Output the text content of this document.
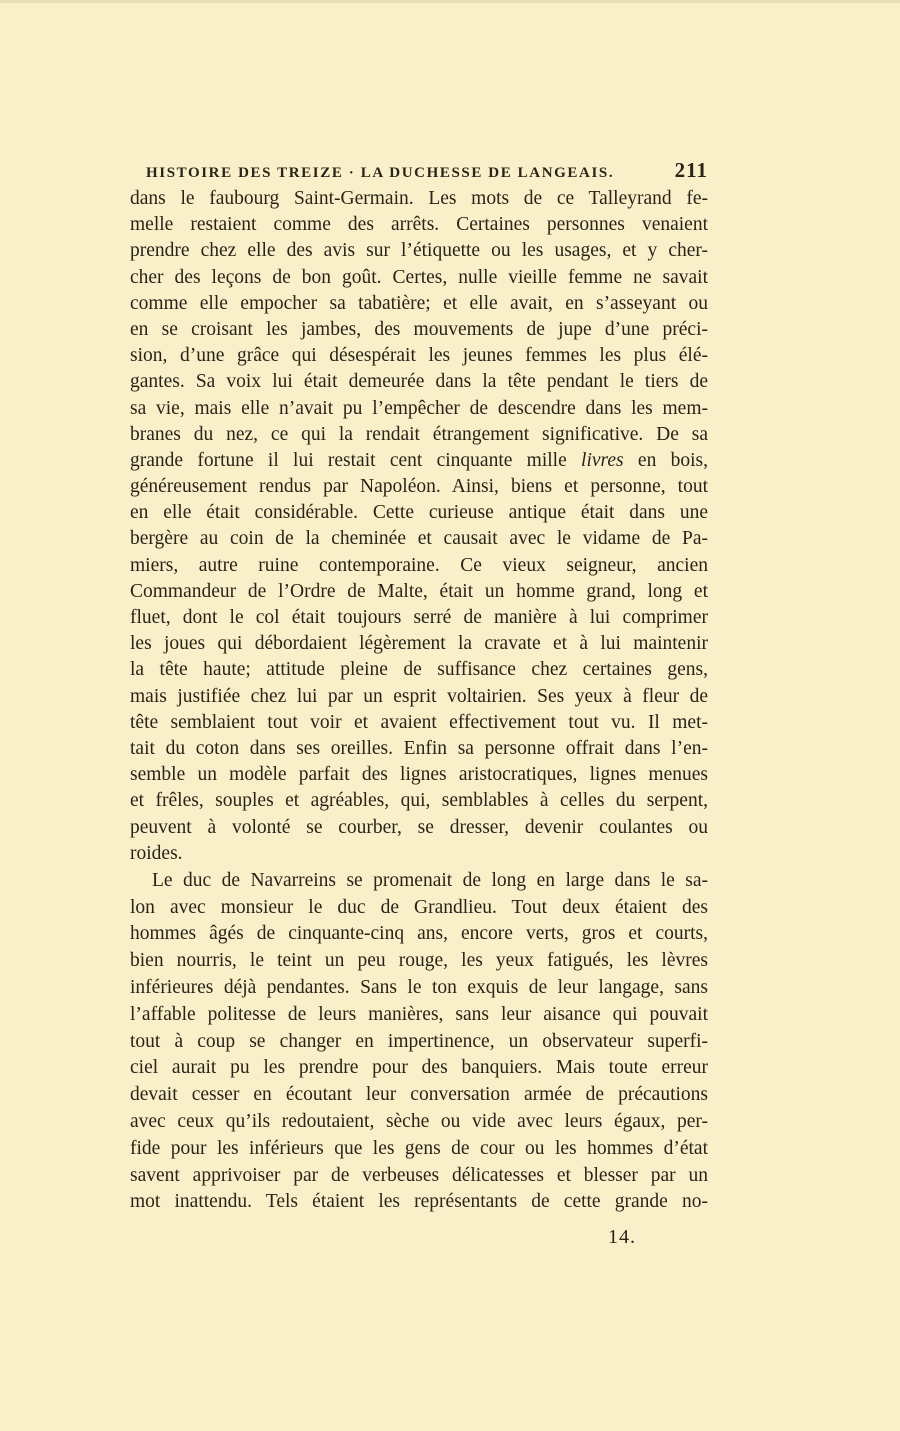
HISTOIRE DES TREIZE · LA DUCHESSE DE LANGEAIS.	211
dans le faubourg Saint-Germain. Les mots de ce Talleyrand fe-
melle restaient comme des arrêts. Certaines personnes venaient
prendre chez elle des avis sur l’étiquette ou les usages, et y cher-
cher des leçons de bon goût. Certes, nulle vieille femme ne savait
comme elle empocher sa tabatière; et elle avait, en s’asseyant ou
en se croisant les jambes, des mouvements de jupe d’une préci-
sion, d’une grâce qui désespérait les jeunes femmes les plus élé-
gantes. Sa voix lui était demeurée dans la tête pendant le tiers de
sa vie, mais elle n’avait pu l’empêcher de descendre dans les mem-
branes du nez, ce qui la rendait étrangement significative. De sa
grande fortune il lui restait cent cinquante mille livres en bois,
généreusement rendus par Napoléon. Ainsi, biens et personne, tout
en elle était considérable. Cette curieuse antique était dans une
bergère au coin de la cheminée et causait avec le vidame de Pa-
miers, autre ruine contemporaine. Ce vieux seigneur, ancien
Commandeur de l’Ordre de Malte, était un homme grand, long et
fluet, dont le col était toujours serré de manière à lui comprimer
les joues qui débordaient légèrement la cravate et à lui maintenir
la tête haute; attitude pleine de suffisance chez certaines gens,
mais justifiée chez lui par un esprit voltairien. Ses yeux à fleur de
tête semblaient tout voir et avaient effectivement tout vu. Il met-
tait du coton dans ses oreilles. Enfin sa personne offrait dans l’en-
semble un modèle parfait des lignes aristocratiques, lignes menues
et frêles, souples et agréables, qui, semblables à celles du serpent,
peuvent à volonté se courber, se dresser, devenir coulantes ou
roides.
Le duc de Navarreins se promenait de long en large dans le sa-
lon avec monsieur le duc de Grandlieu. Tout deux étaient des
hommes âgés de cinquante-cinq ans, encore verts, gros et courts,
bien nourris, le teint un peu rouge, les yeux fatigués, les lèvres
inférieures déjà pendantes. Sans le ton exquis de leur langage, sans
l’affable politesse de leurs manières, sans leur aisance qui pouvait
tout à coup se changer en impertinence, un observateur superfi-
ciel aurait pu les prendre pour des banquiers. Mais toute erreur
devait cesser en écoutant leur conversation armée de précautions
avec ceux qu’ils redoutaient, sèche ou vide avec leurs égaux, per-
fide pour les inférieurs que les gens de cour ou les hommes d’état
savent apprivoiser par de verbeuses délicatesses et blesser par un
mot inattendu. Tels étaient les représentants de cette grande no-
14.
